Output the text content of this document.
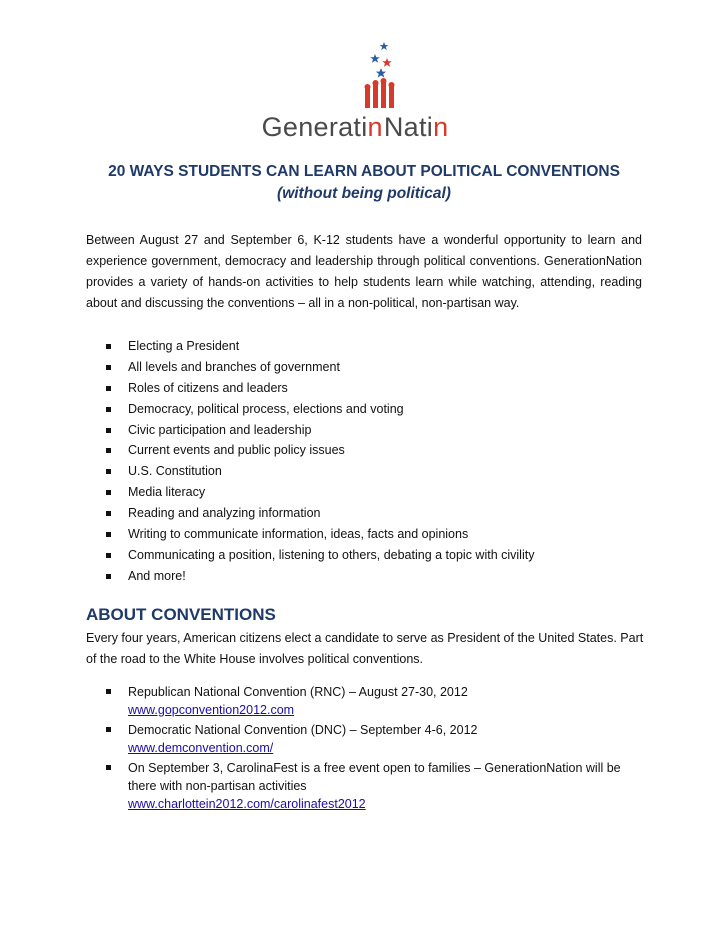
GeneratinNatin
20 WAYS STUDENTS CAN LEARN ABOUT POLITICAL CONVENTIONS
(without being political)

Between August 27 and September 6, K-12 students have a wonderful opportunity to learn and experience government, democracy and leadership through political conventions. GenerationNation provides a variety of hands-on activities to help students learn while watching, attending, reading about and discussing the conventions – all in a non-political, non-partisan way.

Electing a President
All levels and branches of government
Roles of citizens and leaders
Democracy, political process, elections and voting
Civic participation and leadership
Current events and public policy issues
U.S. Constitution
Media literacy
Reading and analyzing information
Writing to communicate information, ideas, facts and opinions
Communicating a position, listening to others, debating a topic with civility
And more!
ABOUT CONVENTIONS

Every four years, American citizens elect a candidate to serve as President of the United States. Part of the road to the White House involves political conventions.

Republican National Convention (RNC) – August 27-30, 2012
www.gopconvention2012.com
Democratic National Convention (DNC) – September 4-6, 2012
www.demconvention.com/
On September 3, CarolinaFest is a free event open to families – GenerationNation will be there with non-partisan activities
www.charlottein2012.com/carolinafest2012
